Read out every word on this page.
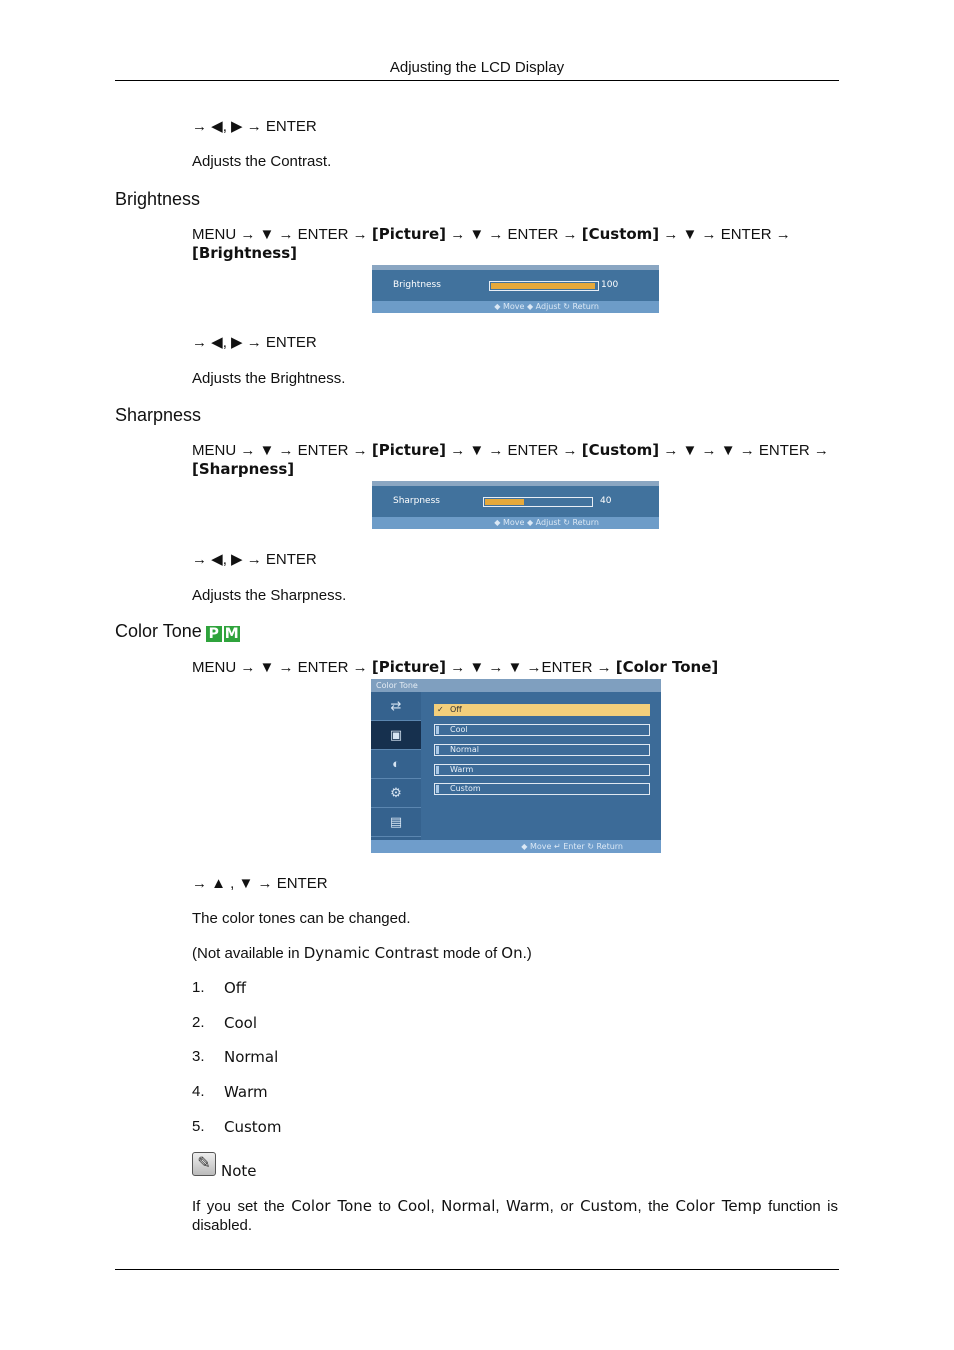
Adjusting the LCD Display
→ ◀, ▶ → ENTER
Adjusts the Contrast.
Brightness
MENU → ▼ → ENTER → [Picture] → ▼ → ENTER → [Custom] → ▼ → ENTER →
[Brightness]
Brightness	100
◆ Move ◆ Adjust ↻ Return
→ ◀, ▶ → ENTER
Adjusts the Brightness.
Sharpness
MENU → ▼ → ENTER → [Picture] → ▼ → ENTER → [Custom] → ▼ → ▼ → ENTER →
[Sharpness]
Sharpness	40
◆ Move ◆ Adjust ↻ Return
→ ◀, ▶ → ENTER
Adjusts the Sharpness.
Color Tone P M
MENU → ▼ → ENTER → [Picture] → ▼ → ▼ →ENTER → [Color Tone]
Color Tone
⇄
▣
◐
⚙
▤
✓ Off
Cool
Normal
Warm
Custom
◆ Move ↵ Enter ↻ Return
→ ▲ , ▼ → ENTER
The color tones can be changed.
(Not available in Dynamic Contrast mode of On.)
1. Off
2. Cool
3. Normal
4. Warm
5. Custom
✎ Note
If you set the Color Tone to Cool, Normal, Warm, or Custom, the Color Temp function is disabled.
